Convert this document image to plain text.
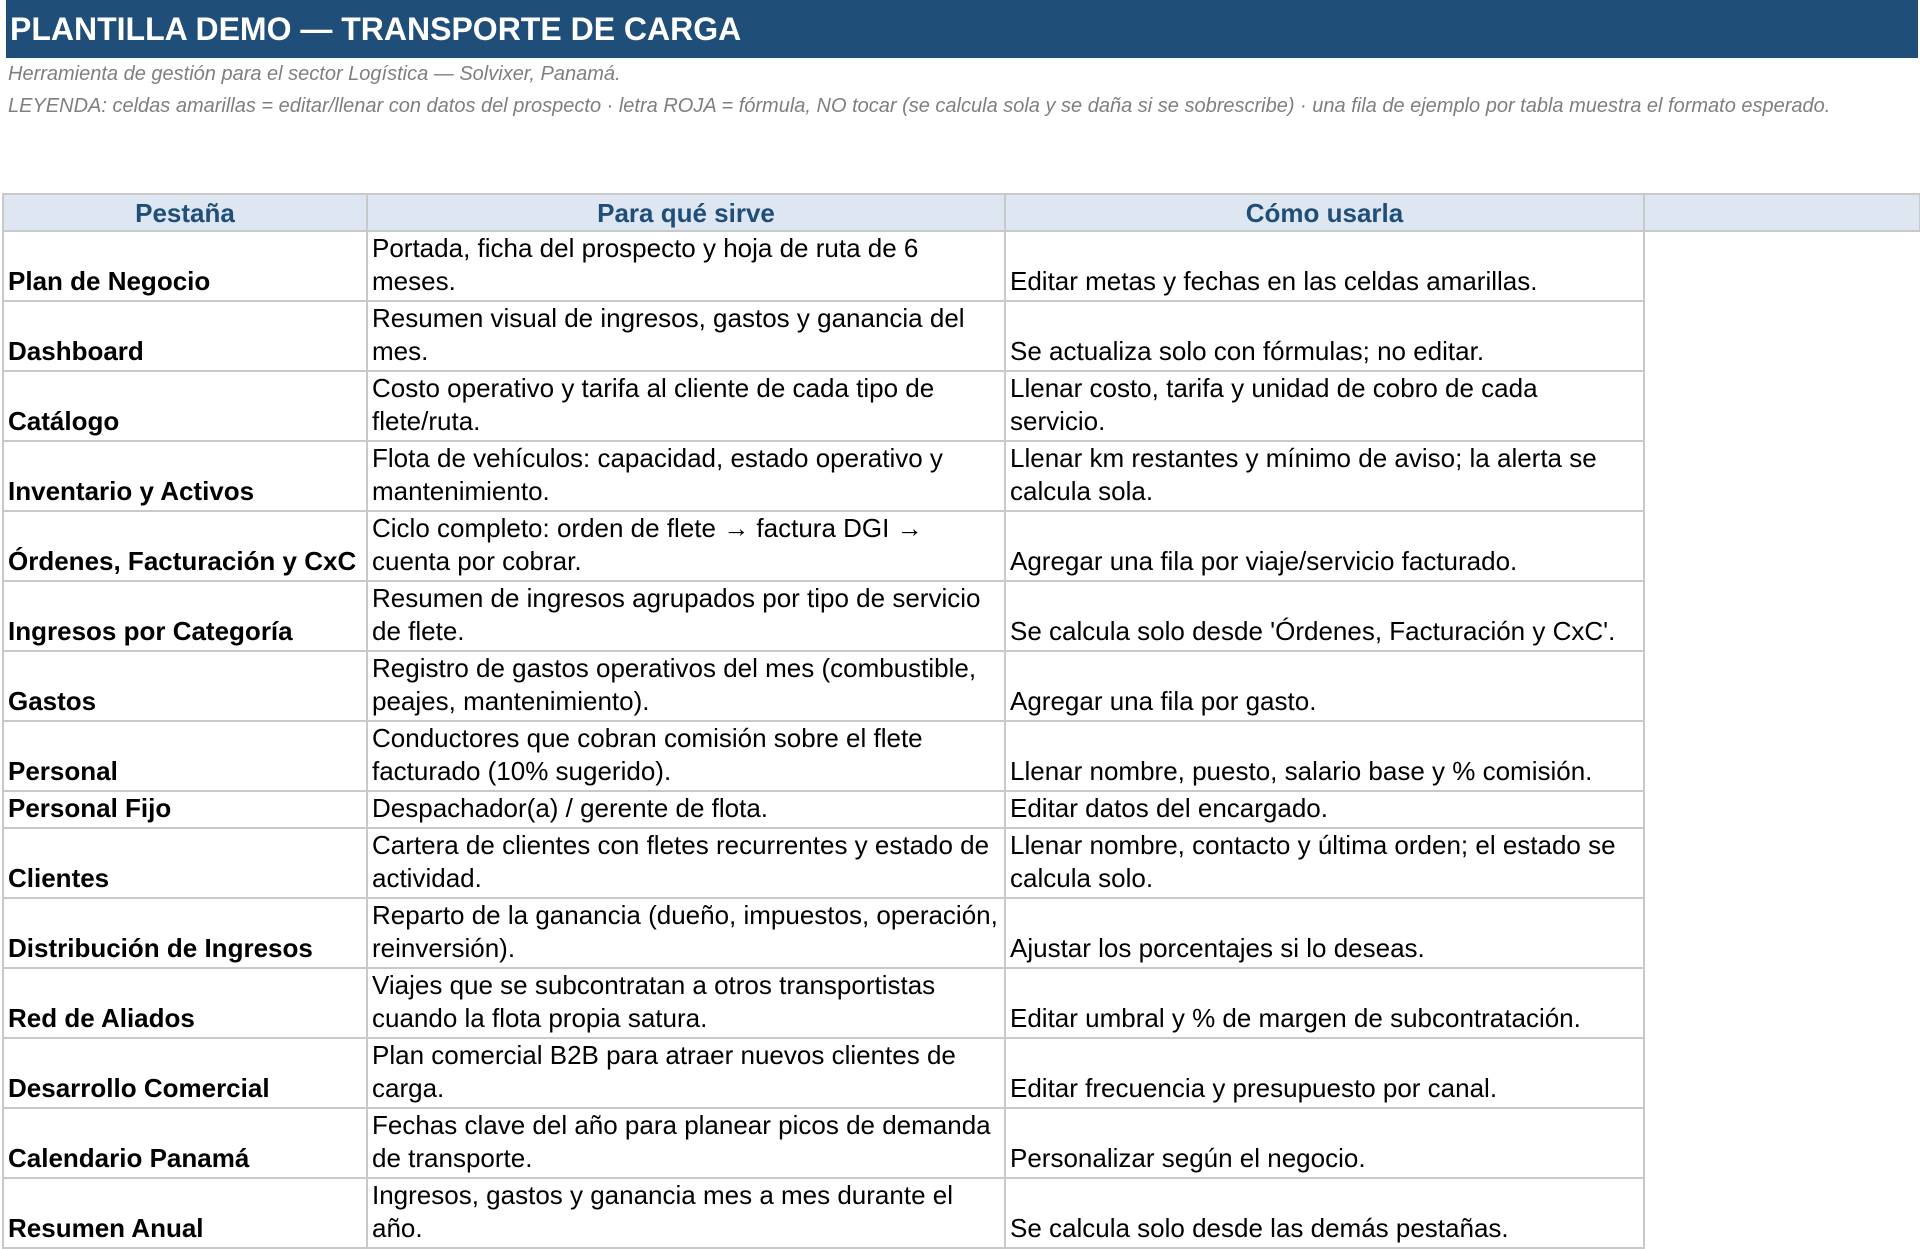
PLANTILLA DEMO — TRANSPORTE DE CARGA
Herramienta de gestión para el sector Logística — Solvixer, Panamá.
LEYENDA: celdas amarillas = editar/llenar con datos del prospecto · letra ROJA = fórmula, NO tocar (se calcula sola y se daña si se sobrescribe) · una fila de ejemplo por tabla muestra el formato esperado.
Pestaña	Para qué sirve	Cómo usarla	
Plan de Negocio	Portada, ficha del prospecto y hoja de ruta de 6 meses.	Editar metas y fechas en las celdas amarillas.	
Dashboard	Resumen visual de ingresos, gastos y ganancia del mes.	Se actualiza solo con fórmulas; no editar.	
Catálogo	Costo operativo y tarifa al cliente de cada tipo de flete/ruta.	Llenar costo, tarifa y unidad de cobro de cada servicio.	
Inventario y Activos	Flota de vehículos: capacidad, estado operativo y mantenimiento.	Llenar km restantes y mínimo de aviso; la alerta se calcula sola.	
Órdenes, Facturación y CxC	Ciclo completo: orden de flete → factura DGI → cuenta por cobrar.	Agregar una fila por viaje/servicio facturado.	
Ingresos por Categoría	Resumen de ingresos agrupados por tipo de servicio de flete.	Se calcula solo desde 'Órdenes, Facturación y CxC'.	
Gastos	Registro de gastos operativos del mes (combustible, peajes, mantenimiento).	Agregar una fila por gasto.	
Personal	Conductores que cobran comisión sobre el flete facturado (10% sugerido).	Llenar nombre, puesto, salario base y % comisión.	
Personal Fijo	Despachador(a) / gerente de flota.	Editar datos del encargado.	
Clientes	Cartera de clientes con fletes recurrentes y estado de actividad.	Llenar nombre, contacto y última orden; el estado se calcula solo.	
Distribución de Ingresos	Reparto de la ganancia (dueño, impuestos, operación, reinversión).	Ajustar los porcentajes si lo deseas.	
Red de Aliados	Viajes que se subcontratan a otros transportistas cuando la flota propia satura.	Editar umbral y % de margen de subcontratación.	
Desarrollo Comercial	Plan comercial B2B para atraer nuevos clientes de carga.	Editar frecuencia y presupuesto por canal.	
Calendario Panamá	Fechas clave del año para planear picos de demanda de transporte.	Personalizar según el negocio.	
Resumen Anual	Ingresos, gastos y ganancia mes a mes durante el año.	Se calcula solo desde las demás pestañas.	
